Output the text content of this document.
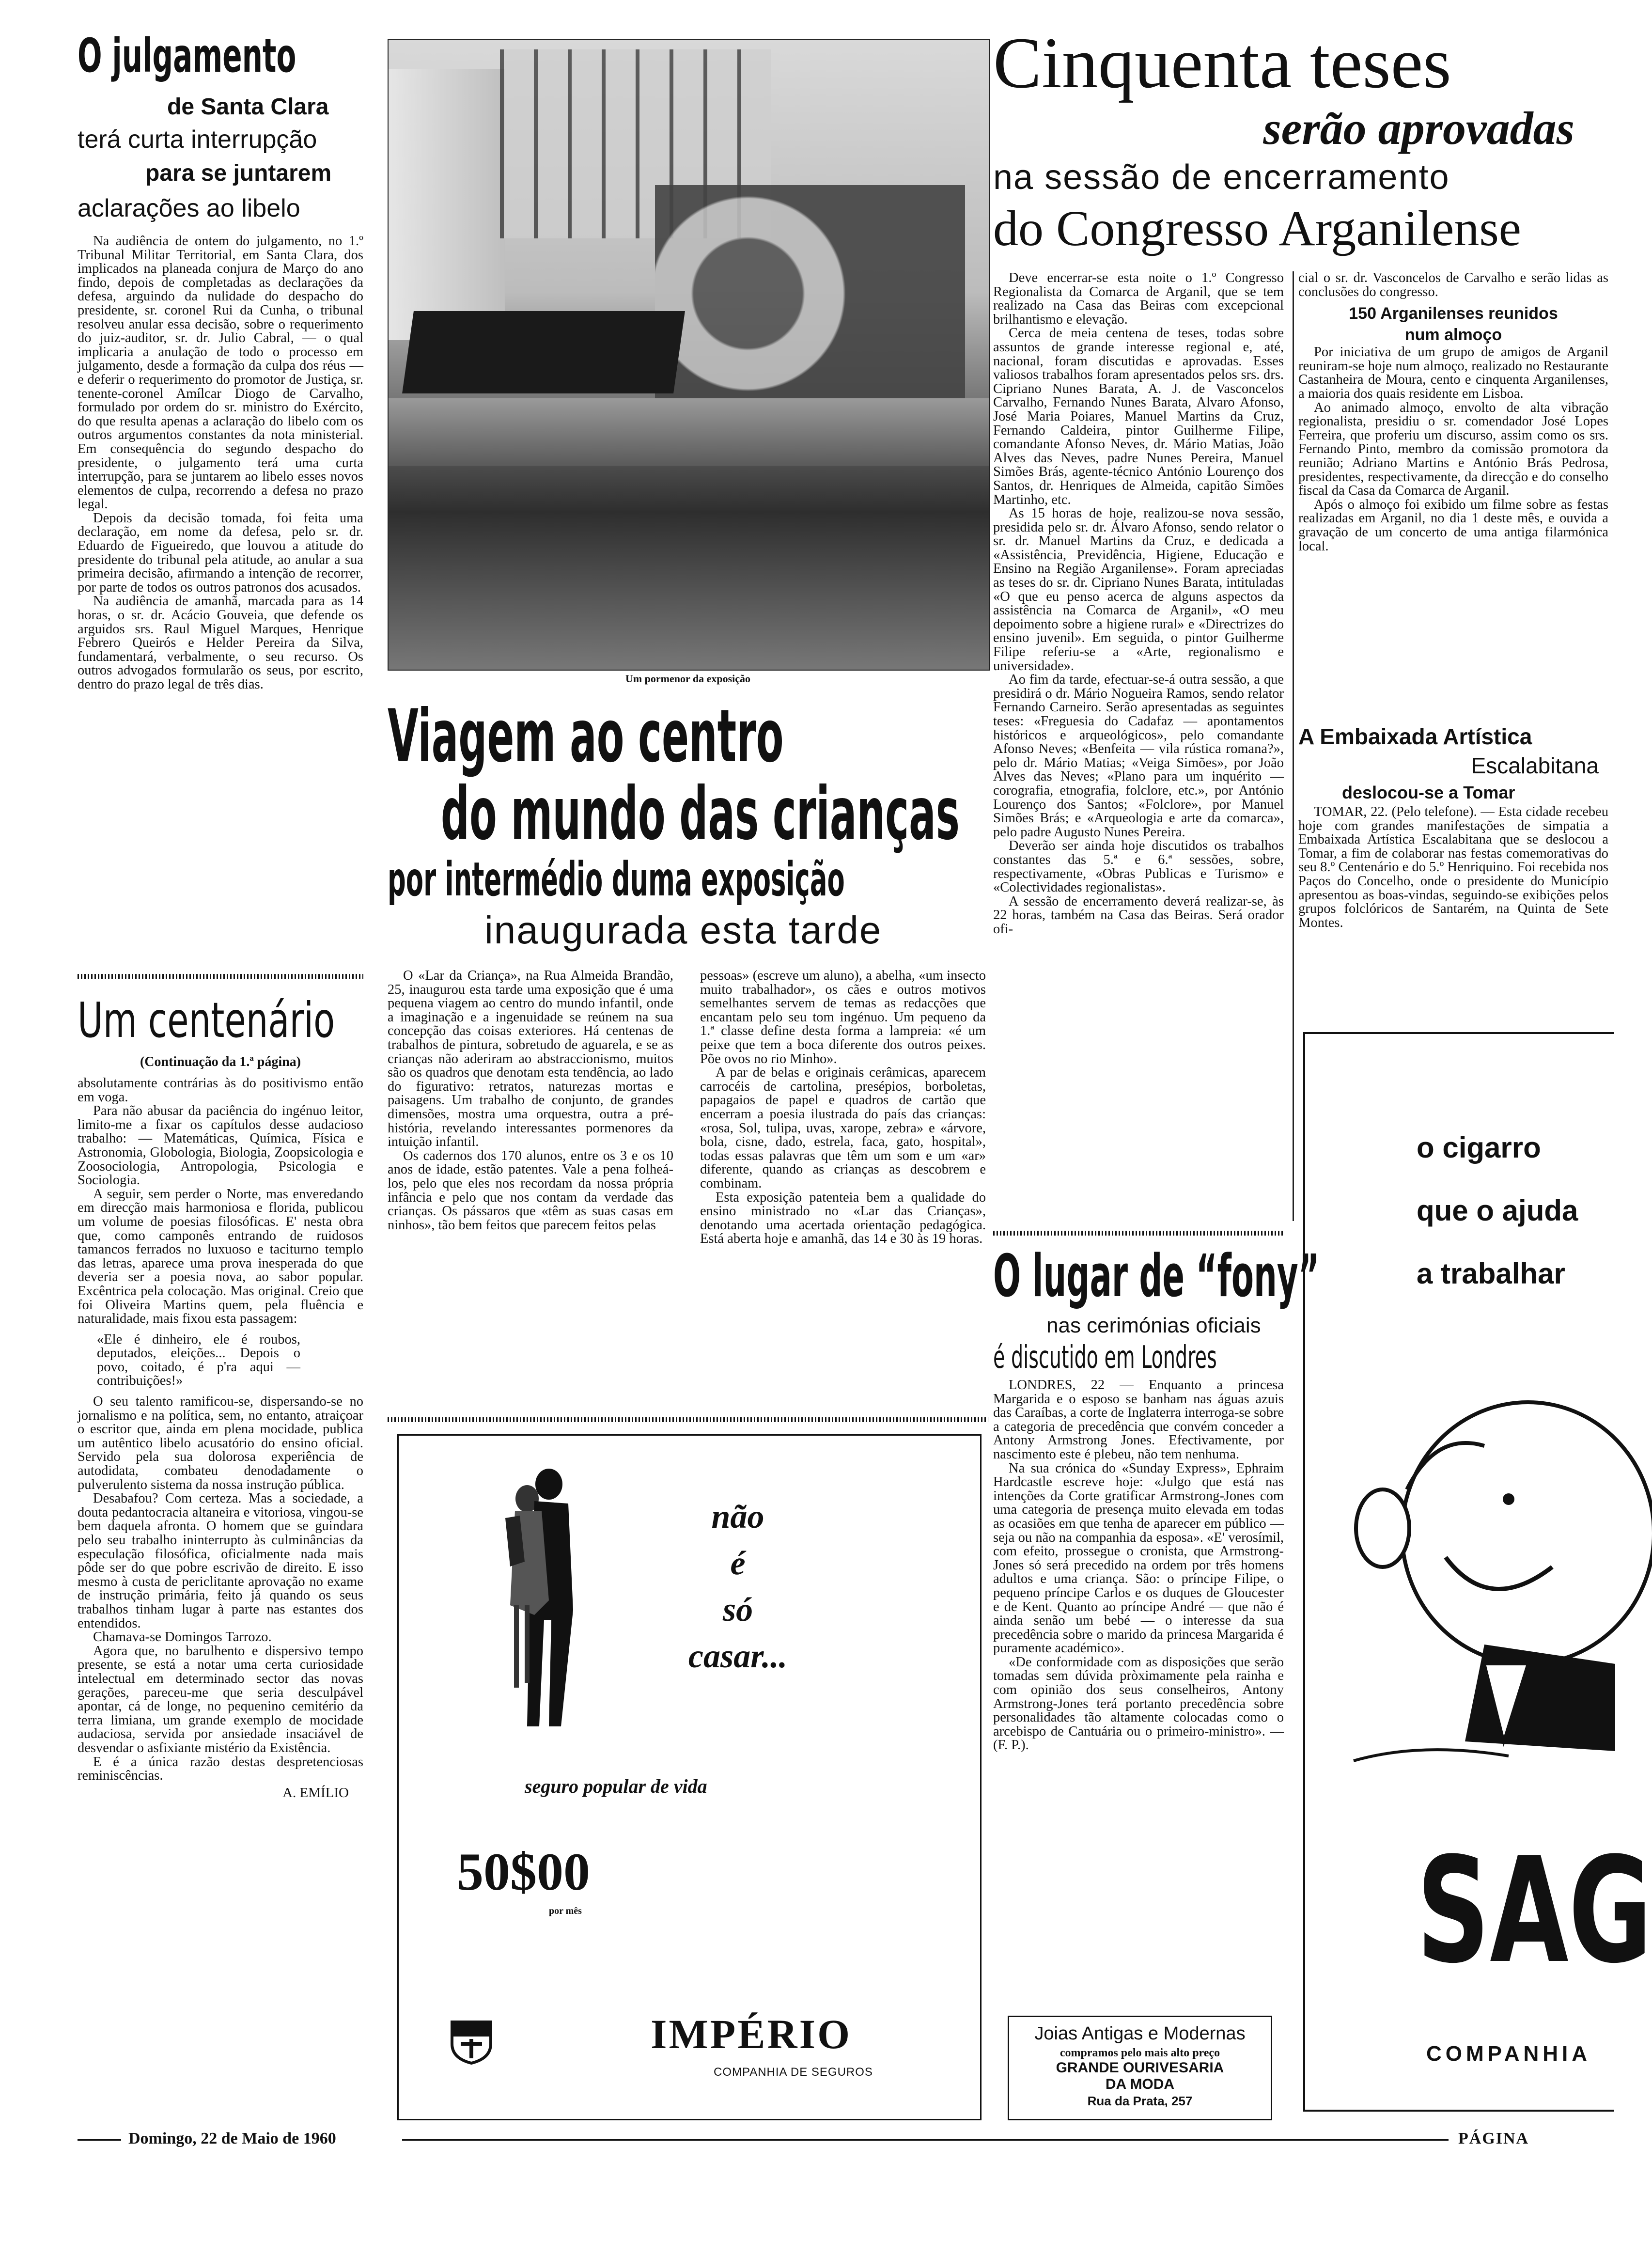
O julgamento
de Santa Clara
terá curta interrupção
para se juntarem
aclarações ao libelo

Na audiência de ontem do julgamento, no 1.º Tribunal Militar Territorial, em Santa Clara, dos implicados na planeada conjura de Março do ano findo, depois de completadas as declarações da defesa, arguindo da nulidade do despacho do presidente, sr. coronel Rui da Cunha, o tribunal resolveu anular essa decisão, sobre o requerimento do juiz-auditor, sr. dr. Julio Cabral, — o qual implicaria a anulação de todo o processo em julgamento, desde a formação da culpa dos réus — e deferir o requerimento do promotor de Justiça, sr. tenente-coronel Amílcar Diogo de Carvalho, formulado por ordem do sr. ministro do Exército, do que resulta apenas a aclaração do libelo com os outros argumentos constantes da nota ministerial. Em consequência do segundo despacho do presidente, o julgamento terá uma curta interrupção, para se juntarem ao libelo esses novos elementos de culpa, recorrendo a defesa no prazo legal.

Depois da decisão tomada, foi feita uma declaração, em nome da defesa, pelo sr. dr. Eduardo de Figueiredo, que louvou a atitude do presidente do tribunal pela atitude, ao anular a sua primeira decisão, afirmando a intenção de recorrer, por parte de todos os outros patronos dos acusados.

Na audiência de amanhã, marcada para as 14 horas, o sr. dr. Acácio Gouveia, que defende os arguidos srs. Raul Miguel Marques, Henrique Febrero Queirós e Helder Pereira da Silva, fundamentará, verbalmente, o seu recurso. Os outros advogados formularão os seus, por escrito, dentro do prazo legal de três dias.

Um centenário
(Continuação da 1.ª página)

absolutamente contrárias às do positivismo então em voga.

Para não abusar da paciência do ingénuo leitor, limito-me a fixar os capítulos desse audacioso trabalho: — Matemáticas, Química, Física e Astronomia, Globologia, Biologia, Zoopsicologia e Zoosociologia, Antropologia, Psicologia e Sociologia.

A seguir, sem perder o Norte, mas enveredando em direcção mais harmoniosa e florida, publicou um volume de poesias filosóficas. E' nesta obra que, como camponês entrando de ruidosos tamancos ferrados no luxuoso e taciturno templo das letras, aparece uma prova inesperada do que deveria ser a poesia nova, ao sabor popular. Excêntrica pela colocação. Mas original. Creio que foi Oliveira Martins quem, pela fluência e naturalidade, mais fixou esta passagem:

«Ele é dinheiro, ele é roubos, deputados, eleições... Depois o povo, coitado, é p'ra aqui — contribuições!»

O seu talento ramificou-se, dispersando-se no jornalismo e na política, sem, no entanto, atraiçoar o escritor que, ainda em plena mocidade, publica um autêntico libelo acusatório do ensino oficial. Servido pela sua dolorosa experiência de autodidata, combateu denodadamente o pulverulento sistema da nossa instrução pública.

Desabafou? Com certeza. Mas a sociedade, a douta pedantocracia altaneira e vitoriosa, vingou-se bem daquela afronta. O homem que se guindara pelo seu trabalho ininterrupto às culminâncias da especulação filosófica, oficialmente nada mais pôde ser do que pobre escrivão de direito. E isso mesmo à custa de periclitante aprovação no exame de instrução primária, feito já quando os seus trabalhos tinham lugar à parte nas estantes dos entendidos.

Chamava-se Domingos Tarrozo.

Agora que, no barulhento e dispersivo tempo presente, se está a notar uma certa curiosidade intelectual em determinado sector das novas gerações, pareceu-me que seria desculpável apontar, cá de longe, no pequenino cemitério da terra limiana, um grande exemplo de mocidade audaciosa, servida por ansiedade insaciável de desvendar o asfixiante mistério da Existência.

E é a única razão destas despretenciosas reminiscências.

A. EMÍLIO
Um pormenor da exposição
Viagem ao centro
do mundo das crianças
por intermédio duma exposição
inaugurada esta tarde

O «Lar da Criança», na Rua Almeida Brandão, 25, inaugurou esta tarde uma exposição que é uma pequena viagem ao centro do mundo infantil, onde a imaginação e a ingenuidade se reúnem na sua concepção das coisas exteriores. Há centenas de trabalhos de pintura, sobretudo de aguarela, e se as crianças não aderiram ao abstraccionismo, muitos são os quadros que denotam esta tendência, ao lado do figurativo: retratos, naturezas mortas e paisagens. Um trabalho de conjunto, de grandes dimensões, mostra uma orquestra, outra a pré-história, revelando interessantes pormenores da intuição infantil.

Os cadernos dos 170 alunos, entre os 3 e os 10 anos de idade, estão patentes. Vale a pena folheá-los, pelo que eles nos recordam da nossa própria infância e pelo que nos contam da verdade das crianças. Os pássaros que «têm as suas casas em ninhos», tão bem feitos que parecem feitos pelas

pessoas» (escreve um aluno), a abelha, «um insecto muito trabalhador», os cães e outros motivos semelhantes servem de temas as redacções que encantam pelo seu tom ingénuo. Um pequeno da 1.ª classe define desta forma a lampreia: «é um peixe que tem a boca diferente dos outros peixes. Põe ovos no rio Minho».

A par de belas e originais cerâmicas, aparecem carrocéis de cartolina, presépios, borboletas, papagaios de papel e quadros de cartão que encerram a poesia ilustrada do país das crianças: «rosa, Sol, tulipa, uvas, xarope, zebra» e «árvore, bola, cisne, dado, estrela, faca, gato, hospital», todas essas palavras que têm um som e um «ar» diferente, quando as crianças as descobrem e combinam.

Esta exposição patenteia bem a qualidade do ensino ministrado no «Lar das Crianças», denotando uma acertada orientação pedagógica. Está aberta hoje e amanhã, das 14 e 30 às 19 horas.

não
é
só
casar...
seguro popular de vida
50$00
por mês
IMPÉRIO
COMPANHIA DE SEGUROS
Cinquenta teses
serão aprovadas
na sessão de encerramento
do Congresso Arganilense

Deve encerrar-se esta noite o 1.º Congresso Regionalista da Comarca de Arganil, que se tem realizado na Casa das Beiras com excepcional brilhantismo e elevação.

Cerca de meia centena de teses, todas sobre assuntos de grande interesse regional e, até, nacional, foram discutidas e aprovadas. Esses valiosos trabalhos foram apresentados pelos srs. drs. Cipriano Nunes Barata, A. J. de Vasconcelos Carvalho, Fernando Nunes Barata, Alvaro Afonso, José Maria Poiares, Manuel Martins da Cruz, Fernando Caldeira, pintor Guilherme Filipe, comandante Afonso Neves, dr. Mário Matias, João Alves das Neves, padre Nunes Pereira, Manuel Simões Brás, agente-técnico António Lourenço dos Santos, dr. Henriques de Almeida, capitão Simões Martinho, etc.

As 15 horas de hoje, realizou-se nova sessão, presidida pelo sr. dr. Álvaro Afonso, sendo relator o sr. dr. Manuel Martins da Cruz, e dedicada a «Assistência, Previdência, Higiene, Educação e Ensino na Região Arganilense». Foram apreciadas as teses do sr. dr. Cipriano Nunes Barata, intituladas «O que eu penso acerca de alguns aspectos da assistência na Comarca de Arganil», «O meu depoimento sobre a higiene rural» e «Directrizes do ensino juvenil». Em seguida, o pintor Guilherme Filipe referiu-se a «Arte, regionalismo e universidade».

Ao fim da tarde, efectuar-se-á outra sessão, a que presidirá o dr. Mário Nogueira Ramos, sendo relator Fernando Carneiro. Serão apresentadas as seguintes teses: «Freguesia do Cadafaz — apontamentos históricos e arqueológicos», pelo comandante Afonso Neves; «Benfeita — vila rústica romana?», pelo dr. Mário Matias; «Veiga Simões», por João Alves das Neves; «Plano para um inquérito — corografia, etnografia, folclore, etc.», por António Lourenço dos Santos; «Folclore», por Manuel Simões Brás; e «Arqueologia e arte da comarca», pelo padre Augusto Nunes Pereira.

Deverão ser ainda hoje discutidos os trabalhos constantes das 5.ª e 6.ª sessões, sobre, respectivamente, «Obras Publicas e Turismo» e «Colectividades regionalistas».

A sessão de encerramento deverá realizar-se, às 22 horas, também na Casa das Beiras. Será orador ofi-

cial o sr. dr. Vasconcelos de Carvalho e serão lidas as conclusões do congresso.

150 Arganilenses reunidos
num almoço

Por iniciativa de um grupo de amigos de Arganil reuniram-se hoje num almoço, realizado no Restaurante Castanheira de Moura, cento e cinquenta Arganilenses, a maioria dos quais residente em Lisboa.

Ao animado almoço, envolto de alta vibração regionalista, presidiu o sr. comendador José Lopes Ferreira, que proferiu um discurso, assim como os srs. Fernando Pinto, membro da comissão promotora da reunião; Adriano Martins e António Brás Pedrosa, presidentes, respectivamente, da direcção e do conselho fiscal da Casa da Comarca de Arganil.

Após o almoço foi exibido um filme sobre as festas realizadas em Arganil, no dia 1 deste mês, e ouvida a gravação de um concerto de uma antiga filarmónica local.

A Embaixada Artística
Escalabitana
deslocou-se a Tomar

TOMAR, 22. (Pelo telefone). — Esta cidade recebeu hoje com grandes manifestações de simpatia a Embaixada Artística Escalabitana que se deslocou a Tomar, a fim de colaborar nas festas comemorativas do seu 8.º Centenário e do 5.º Henriquino. Foi recebida nos Paços do Concelho, onde o presidente do Município apresentou as boas-vindas, seguindo-se exibições pelos grupos folclóricos de Santarém, na Quinta de Sete Montes.

O lugar de “fony”
nas cerimónias oficiais
é discutido em Londres

LONDRES, 22 — Enquanto a princesa Margarida e o esposo se banham nas águas azuis das Caraíbas, a corte de Inglaterra interroga-se sobre a categoria de precedência que convém conceder a Antony Armstrong Jones. Efectivamente, por nascimento este é plebeu, não tem nenhuma.

Na sua crónica do «Sunday Express», Ephraim Hardcastle escreve hoje: «Julgo que está nas intenções da Corte gratificar Armstrong-Jones com uma categoria de presença muito elevada em todas as ocasiões em que tenha de aparecer em público — seja ou não na companhia da esposa». «E' verosímil, com efeito, prossegue o cronista, que Armstrong-Jones só será precedido na ordem por três homens adultos e uma criança. São: o príncipe Filipe, o pequeno príncipe Carlos e os duques de Gloucester e de Kent. Quanto ao príncipe André — que não é ainda senão um bebé — o interesse da sua precedência sobre o marido da princesa Margarida é puramente académico».

«De conformidade com as disposições que serão tomadas sem dúvida pròximamente pela rainha e com opinião dos seus conselheiros, Antony Armstrong-Jones terá portanto precedência sobre personalidades tão altamente colocadas como o arcebispo de Cantuária ou o primeiro-ministro». — (F. P.).

Joias Antigas e Modernas
compramos pelo mais alto preço
GRANDE OURIVESARIA
DA MODA
Rua da Prata, 257
o cigarro
que o ajuda
a trabalhar
SAG
COMPANHIA
Domingo, 22 de Maio de 1960	PÁGINA
